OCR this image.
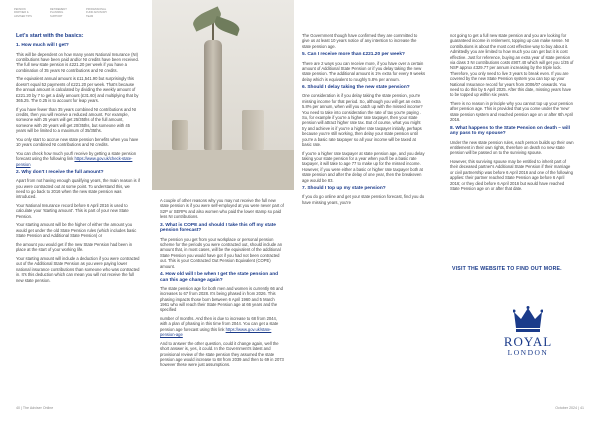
PENSION PARTNER & ADVISER TIPS
RETIREMENT PLANNING SUPPORT
PROFESSIONAL FUND ADVISORY TEAM

Let's start with the basics:

1. How much will I get?

This will be dependent on how many years National Insurance (NI) contributions have been paid and/or NI credits have been received. The full new state pension is £221.20 per week if you have a combination of 35 years NI contributions and NI credits.

The equivalent annual amount is £11,541.90 but surprisingly this doesn't equal 52 payments of £221.20 per week. That's because the annual amount is calculated by dividing the weekly amount of £221.20 by 7 to get a daily amount (£31.60) and multiplying that by 365.25. The 0.25 is to account for leap years.

If you have fewer than 35 years combined NI contributions and NI credits, then you will receive a reduced amount. For example, someone with 25 years will get 25/35ths of the full amount, someone with 20 years will get 20/35ths, but someone with 45 years will be limited to a maximum of 35/35ths.

You only start to accrue new state pension benefits when you have 10 years combined NI contributions and NI credits.

You can check how much you'll receive by getting a state pension forecast using the following link https://www.gov.uk/check-state-pension

2. Why don't I receive the full amount?

Apart from not having enough qualifying years, the main reason is if you were contracted out at some point. To understand this, we need to go back to 2016 when the new state pension was introduced.

Your National Insurance record before 6 April 2016 is used to calculate your 'starting amount'. This is part of your new State Pension.

Your starting amount will be the higher of either the amount you would get under the old State Pension rules (which includes basic State Pension and Additional State Pension) or

the amount you would get if the new State Pension had been in place at the start of your working life.

Your starting amount will include a deduction if you were contracted out of the Additional State Pension as you were paying lower national insurance contributions than someone who was contracted in. It's this deduction which can mean you will not receive the full new state pension.

A couple of other reasons why you may not receive the full new state pension is if you were self-employed at you were never part of S2P or SERPs and also women who paid the lower stamp so paid less NI contributions.

3. What is COPE and should I take this off my state pension forecast?

The pension you get from your workplace or personal pension scheme for the periods you were contracted out, should include an amount that, in most cases, will be the equivalent of the additional State Pension you would have got if you had not been contracted out. This is your Contracted Out Pension Equivalent (COPE) amount.

4. How old will I be when I get the state pension and can this age change again?

The state pension age for both men and women is currently 66 and increases to 67 from 2028. It's being phased in from 2026. This phasing impacts those born between 6 April 1960 and 5 March 1961 who will reach their State Pension age at 66 years and the specified

number of months. And then is due to increase to 68 from 2044, with a plan of phasing in this time from 2044. You can get a state pension age forecast using this link https://www.gov.uk/state-pension-age

And to answer the other question, could it change again, well the short answer is, yes, it could. In the Government's latest and provisional review of the state pension they assumed the state pension age would increase to 68 from 2039 and then to 69 in 2073 however these were just assumptions.

The Government though have confirmed they are committed to give us at least 10 years notice of any intention to increase the state pension age.

5. Can I receive more than £221.20 per week?

There are 2 ways you can receive more, if you have over a certain amount of Additional State Pension or if you delay taking the new state pension. The additional amount is 1% extra for every 9 weeks delay which is equivalent to roughly 5.8% per annum.

6. Should I delay taking the new state pension?

One consideration is if you delay taking the state pension, you're missing income for that period. So, although you will get an extra 5.8% per annum, when will you catch up with the missed income? You need to take into consideration the rate of tax you're paying . So, for example if you're a higher rate taxpayer, then your state pension will attract higher rate tax. But of course, what you might try and achieve is if you're a higher rate taxpayer initially, perhaps because you're still working, then delay your state pension until you're a basic rate taxpayer so all your income will be taxed at basic rate.

If you're a higher rate taxpayer at state pension age, and you delay taking your state pension for a year when you'll be a basic rate taxpayer, it will take to age 77 to make up for the missed income. However, if you were either a basic or higher rate taxpayer both at state pension and after the delay of one year, then the breakeven age would be 83.

7. Should I top up my state pension?

If you do go online and get your state pension forecast, find you do have missing years, you're

not going to get a full new state pension and you are looking for guaranteed income in retirement, topping up can make sense. NI contributions is about the most cost effective way to buy about it. Admittedly you are limited to how much you can get but it is cost effective. Just for reference, buying an extra year of state pension via class 3 NI contributions costs £907.40 which will get you 1/35 of NSP approx £329.77 per annum increasing by the triple lock. Therefore, you only need to live 3 years to break even. If you are covered by the new State Pension system you can top up your National Insurance record for years from 2006/07 onwards. You need to do this by 5 April 2025. After this date, missing years have to be topped up within six years.

There is no reason in principle why you cannot top up your pension after pension age. This is provided that you come under the 'new' state pension system and reached pension age on or after 6th April 2016.

8. What happens to the State Pension on death – will any pass to my spouse?

Under the new state pension rules, each person builds up their own entitlement in their own rights, therefore on death no new state pension will be passed on to the surviving spouse.

However, this surviving spouse may be entitled to inherit part of their deceased partner's Additional State Pension if their marriage or civil partnership was before 6 April 2016 and one of the following applies: their partner reached State Pension age before 6 April 2016; or they died before 6 April 2016 but would have reached State Pension age on or after that date.

VISIT THE WEBSITE TO FIND OUT MORE.
ROYAL
LONDON
40 | The Adviser Online	October 2024 | 41
